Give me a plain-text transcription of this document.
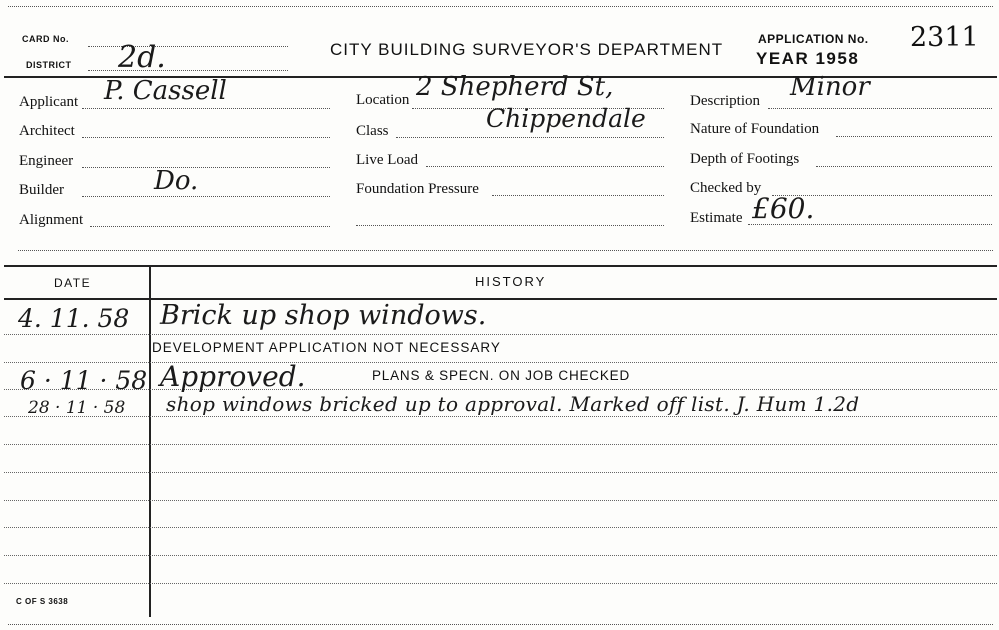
CARD No.
DISTRICT 2d.	CITY BUILDING SURVEYOR'S DEPARTMENT
APPLICATION No. 2311
YEAR 1958
Applicant P. Cassell
Architect
Engineer
Builder	Do.
Alignment
Location 2 Shepherd St,
Class	Chippendale
Live Load
Foundation Pressure
Description Minor
Nature of Foundation
Depth of Footings
Checked by
Estimate £60.
DATE	HISTORY
4. 11. 58 Brick up shop windows.
DEVELOPMENT APPLICATION NOT NECESSARY
6 · 11 · 58 Approved.	PLANS & SPECN. ON JOB CHECKED
28 · 11 · 58 shop windows bricked up to approval. Marked off list. J. Hum 1.2d
C OF S 3638
